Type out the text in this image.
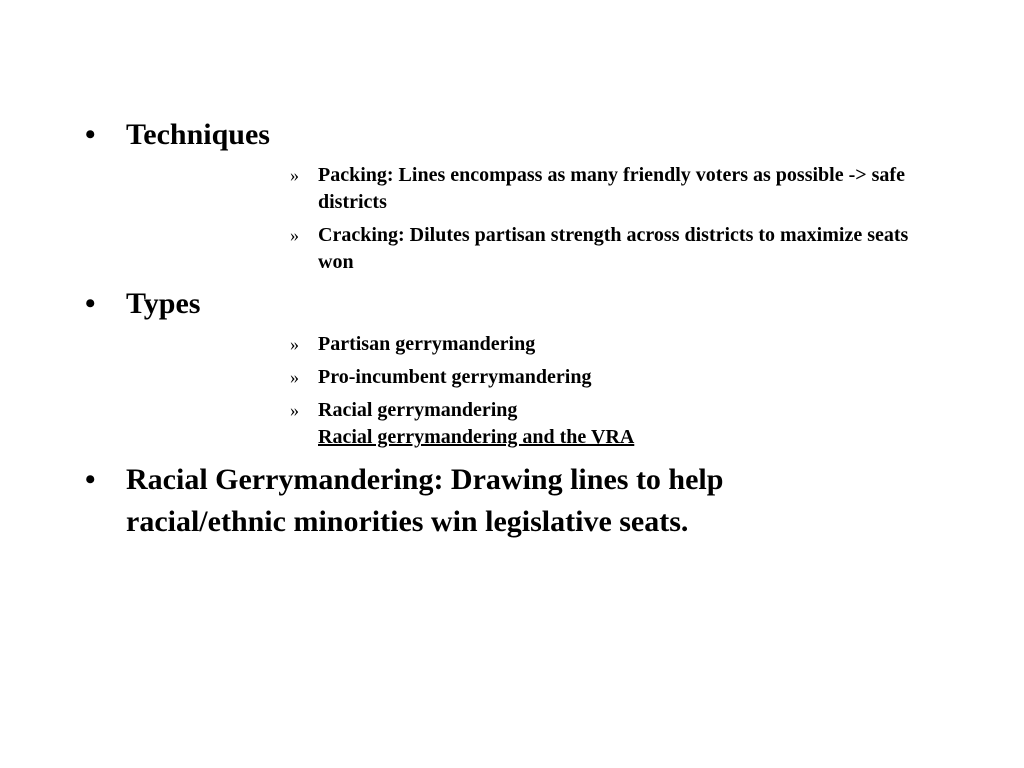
•	Techniques
» Packing: Lines encompass as many friendly voters as possible -> safe districts
» Cracking: Dilutes partisan strength across districts to maximize seats won
•	Types
» Partisan gerrymandering
» Pro-incumbent gerrymandering
» Racial gerrymandering
Racial gerrymandering and the VRA
•	Racial Gerrymandering: Drawing lines to help racial/ethnic minorities win legislative seats.
